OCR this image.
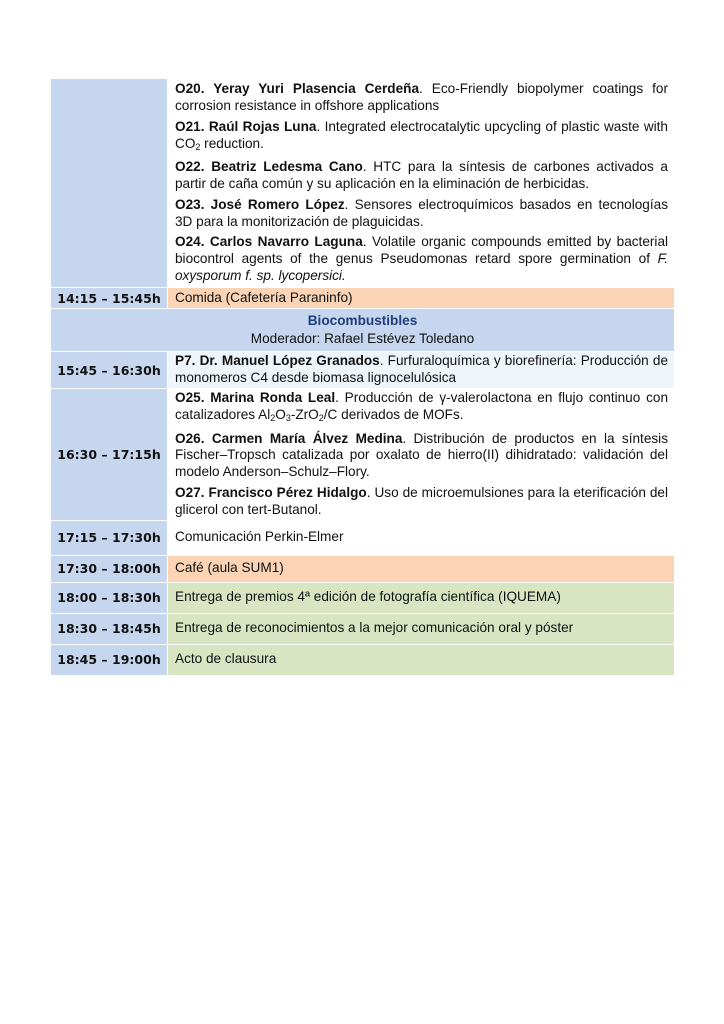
	O20. Yeray Yuri Plasencia Cerdeña. Eco-Friendly biopolymer coatings for corrosion resistance in offshore applications

O21. Raúl Rojas Luna. Integrated electrocatalytic upcycling of plastic waste with $CO_2$ reduction.

O22. Beatriz Ledesma Cano. HTC para la síntesis de carbones activados a partir de caña común y su aplicación en la eliminación de herbicidas.

O23. José Romero López. Sensores electroquímicos basados en tecnologías 3D para la monitorización de plaguicidas.

O24. Carlos Navarro Laguna. Volatile organic compounds emitted by bacterial biocontrol agents of the genus Pseudomonas retard spore germination of F. oxysporum f. sp. lycopersici.

14:15 – 15:45h	Comida (Cafetería Paraninfo)

Biocombustibles
Moderador: Rafael Estévez Toledano	

15:45 – 16:30h	P7. Dr. Manuel López Granados. Furfuraloquímica y biorefinería: Producción de monomeros C4 desde biomasa lignocelulósica

16:30 – 17:15h	O25. Marina Ronda Leal. Producción de γ-valerolactona en flujo continuo con catalizadores $Al_2O_3-ZrO_2/C$ derivados de MOFs.

O26. Carmen María Álvez Medina. Distribución de productos en la síntesis Fischer–Tropsch catalizada por oxalato de hierro(II) dihidratado: validación del modelo Anderson–Schulz–Flory.

O27. Francisco Pérez Hidalgo. Uso de microemulsiones para la eterificación del glicerol con tert-Butanol.

17:15 – 17:30h	Comunicación Perkin-Elmer
17:30 – 18:00h	Café (aula SUM1)
18:00 – 18:30h	Entrega de premios 4ª edición de fotografía científica (IQUEMA)
18:30 – 18:45h	Entrega de reconocimientos a la mejor comunicación oral y póster
18:45 – 19:00h	Acto de clausura
